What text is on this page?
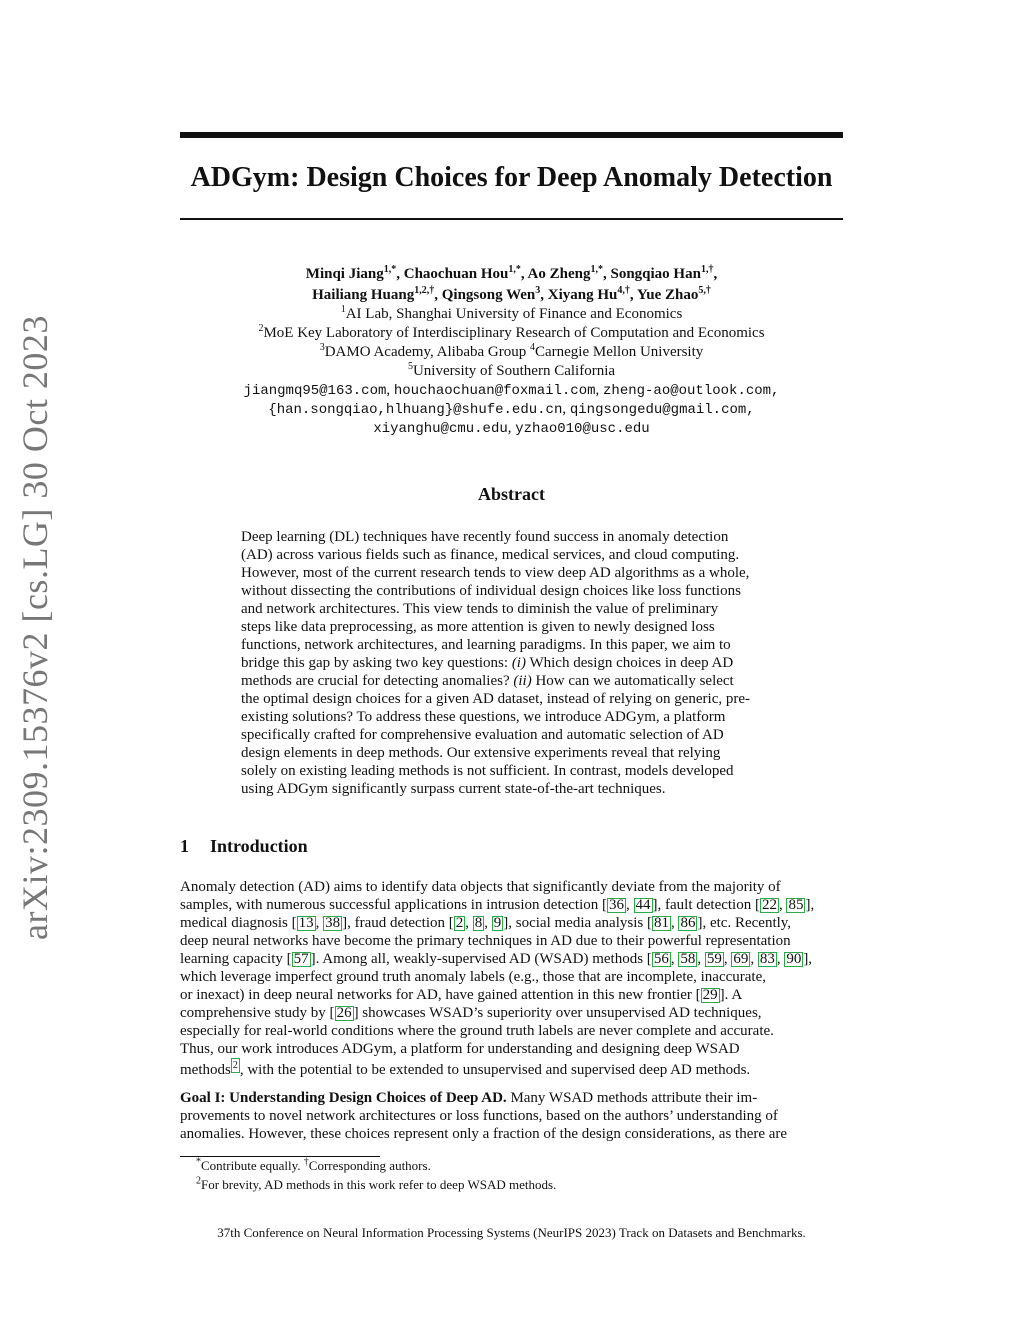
arXiv:2309.15376v2 [cs.LG] 30 Oct 2023
ADGym: Design Choices for Deep Anomaly Detection
Minqi Jiang$^{1,*}$, Chaochuan Hou$^{1,*}$, Ao Zheng$^{1,*}$, Songqiao Han$^{1,\dagger}$,
Hailiang Huang$^{1,2,\dagger}$, Qingsong Wen$^3$, Xiyang $Hu^{4,\dagger}$, Yue Zhao$^{5,\dagger}$
$^1$AI Lab, Shanghai University of Finance and Economics
$^2$MoE Key Laboratory of Interdisciplinary Research of Computation and Economics
$^3$DAMO Academy, Alibaba Group $^4$Carnegie Mellon University
$^5$University of Southern California
jiangmq95@163.com, houchaochuan@foxmail.com, zheng-ao@outlook.com,
{han.songqiao,hlhuang}@shufe.edu.cn, qingsongedu@gmail.com,
xiyanghu@cmu.edu, yzhao010@usc.edu
Abstract
Deep learning (DL) techniques have recently found success in anomaly detection
(AD) across various fields such as finance, medical services, and cloud computing.
However, most of the current research tends to view deep AD algorithms as a whole,
without dissecting the contributions of individual design choices like loss functions
and network architectures. This view tends to diminish the value of preliminary
steps like data preprocessing, as more attention is given to newly designed loss
functions, network architectures, and learning paradigms. In this paper, we aim to
bridge this gap by asking two key questions: (i) Which design choices in deep AD
methods are crucial for detecting anomalies? (ii) How can we automatically select
the optimal design choices for a given AD dataset, instead of relying on generic, pre-
existing solutions? To address these questions, we introduce ADGym, a platform
specifically crafted for comprehensive evaluation and automatic selection of AD
design elements in deep methods. Our extensive experiments reveal that relying
solely on existing leading methods is not sufficient. In contrast, models developed
using ADGym significantly surpass current state-of-the-art techniques.
1 Introduction
Anomaly detection (AD) aims to identify data objects that significantly deviate from the majority of
samples, with numerous successful applications in intrusion detection [ 36 , 44 ], fault detection [ 22 , 85 ],
medical diagnosis [ 13 , 38 ], fraud detection [ 2 , 8 , 9 ], social media analysis [ 81 , 86 ], etc. Recently,
deep neural networks have become the primary techniques in AD due to their powerful representation
learning capacity [ 57 ]. Among all, weakly-supervised AD (WSAD) methods [ 56 , 58 , 59 , 69 , 83 , 90 ],
which leverage imperfect ground truth anomaly labels (e.g., those that are incomplete, inaccurate,
or inexact) in deep neural networks for AD, have gained attention in this new frontier [ 29 ]. A
comprehensive study by [ 26 ] showcases WSAD’s superiority over unsupervised AD techniques,
especially for real-world conditions where the ground truth labels are never complete and accurate.
Thus, our work introduces ADGym, a platform for understanding and designing deep WSAD
methods $^2$ , with the potential to be extended to unsupervised and supervised deep AD methods.
Goal I: Understanding Design Choices of Deep AD. Many WSAD methods attribute their im-
provements to novel network architectures or loss functions, based on the authors’ understanding of
anomalies. However, these choices represent only a fraction of the design considerations, as there are
*Contribute equally. †Corresponding authors.
$^2$For brevity, AD methods in this work refer to deep WSAD methods.
37th Conference on Neural Information Processing Systems (NeurIPS 2023) Track on Datasets and Benchmarks.
